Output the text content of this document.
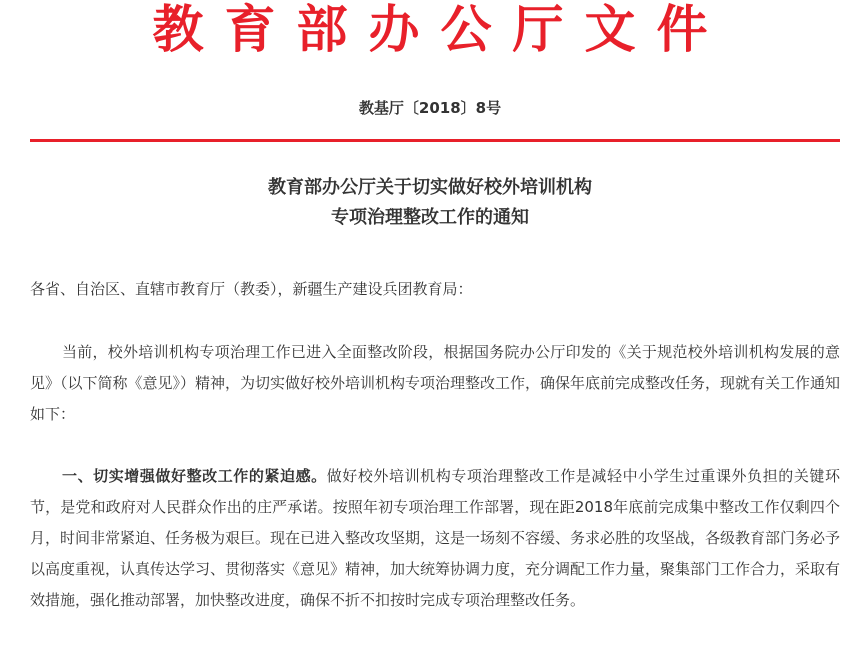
教育部办公厅文件
教基厅〔2018〕8号
教育部办公厅关于切实做好校外培训机构
专项治理整改工作的通知
各省、自治区、直辖市教育厅（教委），新疆生产建设兵团教育局：
当前，校外培训机构专项治理工作已进入全面整改阶段，根据国务院办公厅印发的《关于规范校外培训机构发展的意见》（以下简称《意见》）精神，为切实做好校外培训机构专项治理整改工作，确保年底前完成整改任务，现就有关工作通知如下：
一、切实增强做好整改工作的紧迫感。做好校外培训机构专项治理整改工作是减轻中小学生过重课外负担的关键环节，是党和政府对人民群众作出的庄严承诺。按照年初专项治理工作部署，现在距2018年底前完成集中整改工作仅剩四个月，时间非常紧迫、任务极为艰巨。现在已进入整改攻坚期，这是一场刻不容缓、务求必胜的攻坚战，各级教育部门务必予以高度重视，认真传达学习、贯彻落实《意见》精神，加大统筹协调力度，充分调配工作力量，聚集部门工作合力，采取有效措施，强化推动部署，加快整改进度，确保不折不扣按时完成专项治理整改任务。
